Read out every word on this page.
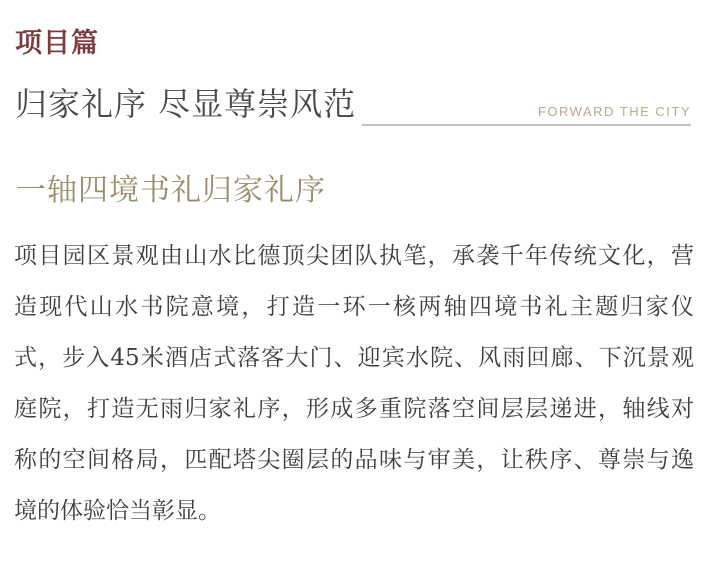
项目篇
归家礼序 尽显尊崇风范	FORWARD THE CITY
一轴四境书礼归家礼序
项目园区景观由山水比德顶尖团队执笔，承袭千年传统文化，营
造现代山水书院意境，打造一环一核两轴四境书礼主题归家仪
式，步入45米酒店式落客大门、迎宾水院、风雨回廊、下沉景观
庭院，打造无雨归家礼序，形成多重院落空间层层递进，轴线对
称的空间格局，匹配塔尖圈层的品味与审美，让秩序、尊崇与逸
境的体验恰当彰显。
